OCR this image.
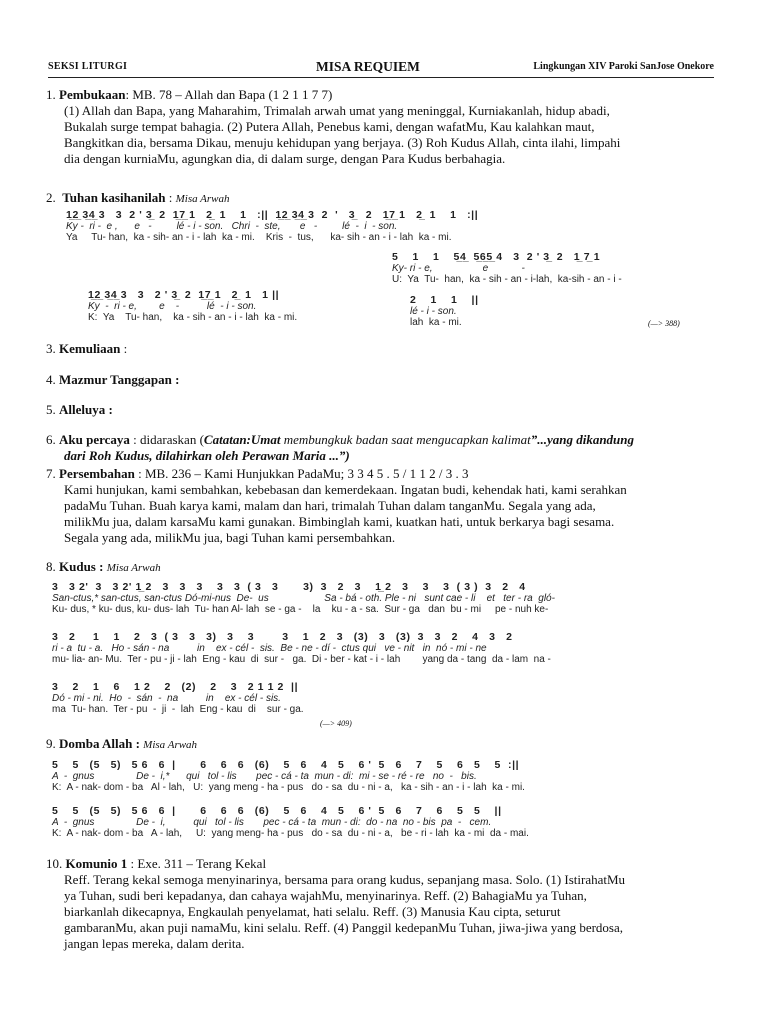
SEKSI LITURGI	MISA REQUIEM	Lingkungan XIV Paroki SanJose Onekore
1. Pembukaan: MB. 78 – Allah dan Bapa (1 2 1 1 7 7)

(1) Allah dan Bapa, yang Maharahim, Trimalah arwah umat yang meninggal, Kurniakanlah, hidup abadi,

Bukalah surge tempat bahagia. (2) Putera Allah, Penebus kami, dengan wafatMu, Kau kalahkan maut,

Bangkitkan dia, bersama Dikau, menuju kehidupan yang berjaya. (3) Roh Kudus Allah, cinta ilahi, limpahi

dia dengan kurniaMu, agungkan dia, di dalam surge, dengan Para Kudus berbahagia.

2. Tuhan kasihanilah : Misa Arwah
1̲2̲ 3̲4̲ 3   3  2 ' 3̲  2  1̲7̲ 1   2̲  1    1   :||  1̲2̲ 3̲4̲ 3  2  '   3̲   2   1̲7̲ 1   2̲  1    1   :||
Ky -  ri -  e ,      e   -         lé - i - son.   Chri  -  ste,       e   -         lé  -  i  - son.
Ya     Tu- han,  ka - sih- an - i - lah  ka - mi.    Kris  -  tus,      ka- sih - an - i - lah  ka - mi.
5    1    1    5̲4̲  5̲6̲5̲ 4   3  2 ' 3̲  2   1̲ 7̲ 1
Ky- ri - e,                  e            -
U:  Ya  Tu-  han,  ka - sih - an - i-lah,  ka-sih - an - i -
1̲2̲ 3̲4̲ 3   3   2 ' 3̲  2  1̲7̲ 1   2̲  1   1 ||
Ky  -  ri - e,        e    -          lé  - i - son.
K:  Ya    Tu- han,    ka - sih - an - i - lah  ka - mi.
2    1    1    ||
lé - i - son.
lah  ka - mi.	(—> 388)
3. Kemuliaan :
4. Mazmur Tanggapan :
5. Alleluya :
6. Aku percaya : didaraskan (Catatan:Umat membungkuk badan saat mengucapkan kalimat”...yang dikandung
dari Roh Kudus, dilahirkan oleh Perawan Maria ...”)
7. Persembahan : MB. 236 – Kami Hunjukkan PadaMu; 3 3 4 5 . 5 / 1 1 2 / 3 . 3

Kami hunjukan, kami sembahkan, kebebasan dan kemerdekaan. Ingatan budi, kehendak hati, kami serahkan

padaMu Tuhan. Buah karya kami, malam dan hari, trimalah Tuhan dalam tanganMu. Segala yang ada,

milikMu jua, dalam karsaMu kami gunakan. Bimbinglah kami, kuatkan hati, untuk berkarya bagi sesama.

Segala yang ada, milikMu jua, bagi Tuhan kami persembahkan.

8. Kudus : Misa Arwah
3   3 2'  3   3 2' 1̲ 2   3   3   3    3   3  ( 3   3       3)  3   2   3    1̲ 2   3    3    3  ( 3 )  3   2   4
San-ctus,* san-ctus, san-ctus Dó-mi-nus  De-  us                    Sa - bá - oth. Ple - ni   sunt cae - li    et   ter - ra  gló-
Ku- dus, * ku- dus, ku- dus- lah  Tu- han Al- lah  se - ga -    la    ku - a - sa.  Sur - ga   dan  bu - mi     pe - nuh ke-
3   2     1    1    2   3  ( 3   3   3)   3    3        3    1   2   3   (3)   3   (3)  3   3   2    4   3   2
ri - a  tu - a.   Ho - sán - na          in    ex - cél -  sis.  Be - ne - dí -  ctus qui   ve - nit   in  nó - mi - ne
mu- lia- an- Mu.  Ter - pu - ji - lah  Eng - kau  di  sur -   ga.  Di - ber - kat - i - lah        yang da - tang  da - lam  na -
3    2    1    6    1 2    2   (2)    2    3   2 1 1 2  ||
Dó - mi - ni.  Ho  -  sán  -  na          in    ex - cél - sis.
ma  Tu- han.  Ter - pu  -  ji  -  lah  Eng - kau  di    sur - ga.
(—> 409)
9. Domba Allah : Misa Arwah
5    5   (5   5)   5 6   6  |       6    6   6   (6)    5   6    4   5    6 '  5   6    7    5    6   5    5  :||
A  -  gnus               De -  i,*      qui   tol - lis       pec - cá - ta  mun - di:  mi - se - ré - re   no  -   bis.
K:  A - nak- dom - ba   Al - lah,   U:  yang meng - ha - pus   do - sa  du - ni - a,   ka - sih - an - i - lah  ka - mi.
5    5   (5   5)   5 6   6  |       6    6   6   (6)    5   6    4   5    6 '  5   6    7    6    5   5    ||
A  -  gnus               De -  i,          qui   tol - lis       pec - cá - ta  mun - di:  do - na  no - bis  pa  -   cem.
K:  A - nak- dom - ba   A - lah,     U:  yang meng- ha - pus   do - sa  du - ni - a,   be - ri - lah  ka - mi  da - mai.
10. Komunio 1 : Exe. 311 – Terang Kekal

Reff. Terang kekal semoga menyinarinya, bersama para orang kudus, sepanjang masa. Solo. (1) IstirahatMu

ya Tuhan, sudi beri kepadanya, dan cahaya wajahMu, menyinarinya. Reff. (2) BahagiaMu ya Tuhan,

biarkanlah dikecapnya, Engkaulah penyelamat, hati selalu. Reff. (3) Manusia Kau cipta, seturut

gambaranMu, akan puji namaMu, kini selalu. Reff. (4) Panggil kedepanMu Tuhan, jiwa-jiwa yang berdosa,

jangan lepas mereka, dalam derita.
